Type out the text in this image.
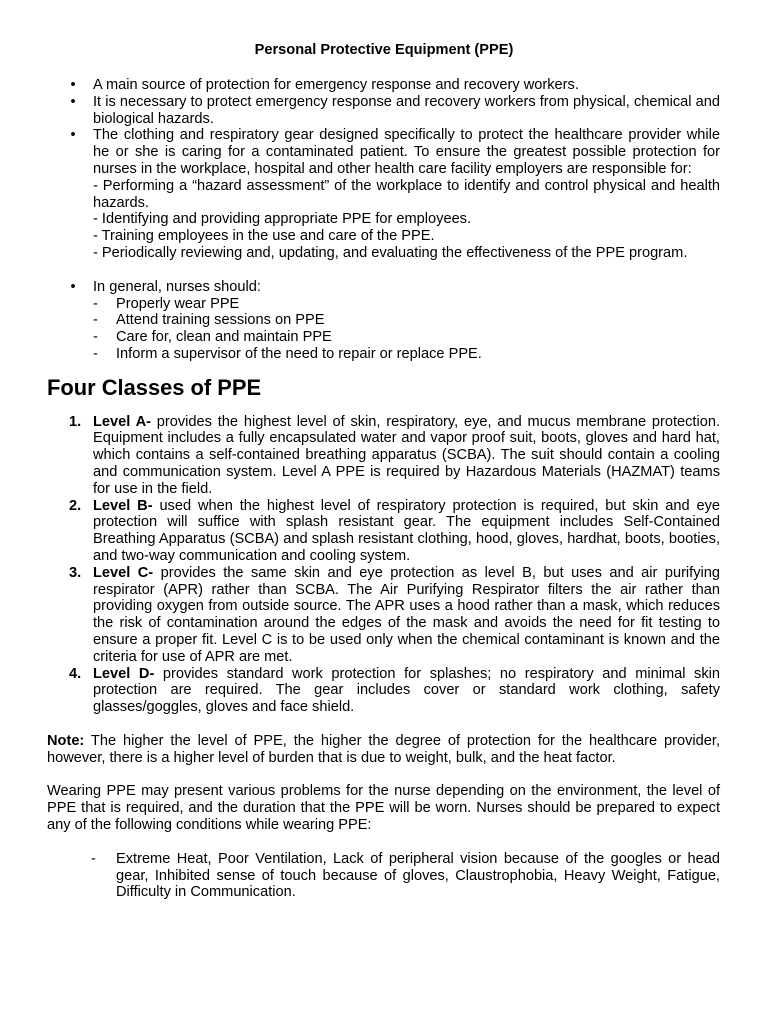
Personal Protective Equipment (PPE)
• A main source of protection for emergency response and recovery workers.
• It is necessary to protect emergency response and recovery workers from physical, chemical and biological hazards.
• The clothing and respiratory gear designed specifically to protect the healthcare provider while he or she is caring for a contaminated patient. To ensure the greatest possible protection for nurses in the workplace, hospital and other health care facility employers are responsible for:
- Performing a “hazard assessment” of the workplace to identify and control physical and health hazards.
- Identifying and providing appropriate PPE for employees.
- Training employees in the use and care of the PPE.
- Periodically reviewing and, updating, and evaluating the effectiveness of the PPE program.
• In general, nurses should:
- Properly wear PPE
- Attend training sessions on PPE
- Care for, clean and maintain PPE
- Inform a supervisor of the need to repair or replace PPE.
Four Classes of PPE
1. Level A- provides the highest level of skin, respiratory, eye, and mucus membrane protection. Equipment includes a fully encapsulated water and vapor proof suit, boots, gloves and hard hat, which contains a self-contained breathing apparatus (SCBA). The suit should contain a cooling and communication system. Level A PPE is required by Hazardous Materials (HAZMAT) teams for use in the field.
2. Level B- used when the highest level of respiratory protection is required, but skin and eye protection will suffice with splash resistant gear. The equipment includes Self-Contained Breathing Apparatus (SCBA) and splash resistant clothing, hood, gloves, hardhat, boots, booties, and two-way communication and cooling system.
3. Level C- provides the same skin and eye protection as level B, but uses and air purifying respirator (APR) rather than SCBA. The Air Purifying Respirator filters the air rather than providing oxygen from outside source. The APR uses a hood rather than a mask, which reduces the risk of contamination around the edges of the mask and avoids the need for fit testing to ensure a proper fit. Level C is to be used only when the chemical contaminant is known and the criteria for use of APR are met.
4. Level D- provides standard work protection for splashes; no respiratory and minimal skin protection are required. The gear includes cover or standard work clothing, safety glasses/goggles, gloves and face shield.

Note: The higher the level of PPE, the higher the degree of protection for the healthcare provider, however, there is a higher level of burden that is due to weight, bulk, and the heat factor.

Wearing PPE may present various problems for the nurse depending on the environment, the level of PPE that is required, and the duration that the PPE will be worn. Nurses should be prepared to expect any of the following conditions while wearing PPE:

- Extreme Heat, Poor Ventilation, Lack of peripheral vision because of the googles or head gear, Inhibited sense of touch because of gloves, Claustrophobia, Heavy Weight, Fatigue, Difficulty in Communication.
